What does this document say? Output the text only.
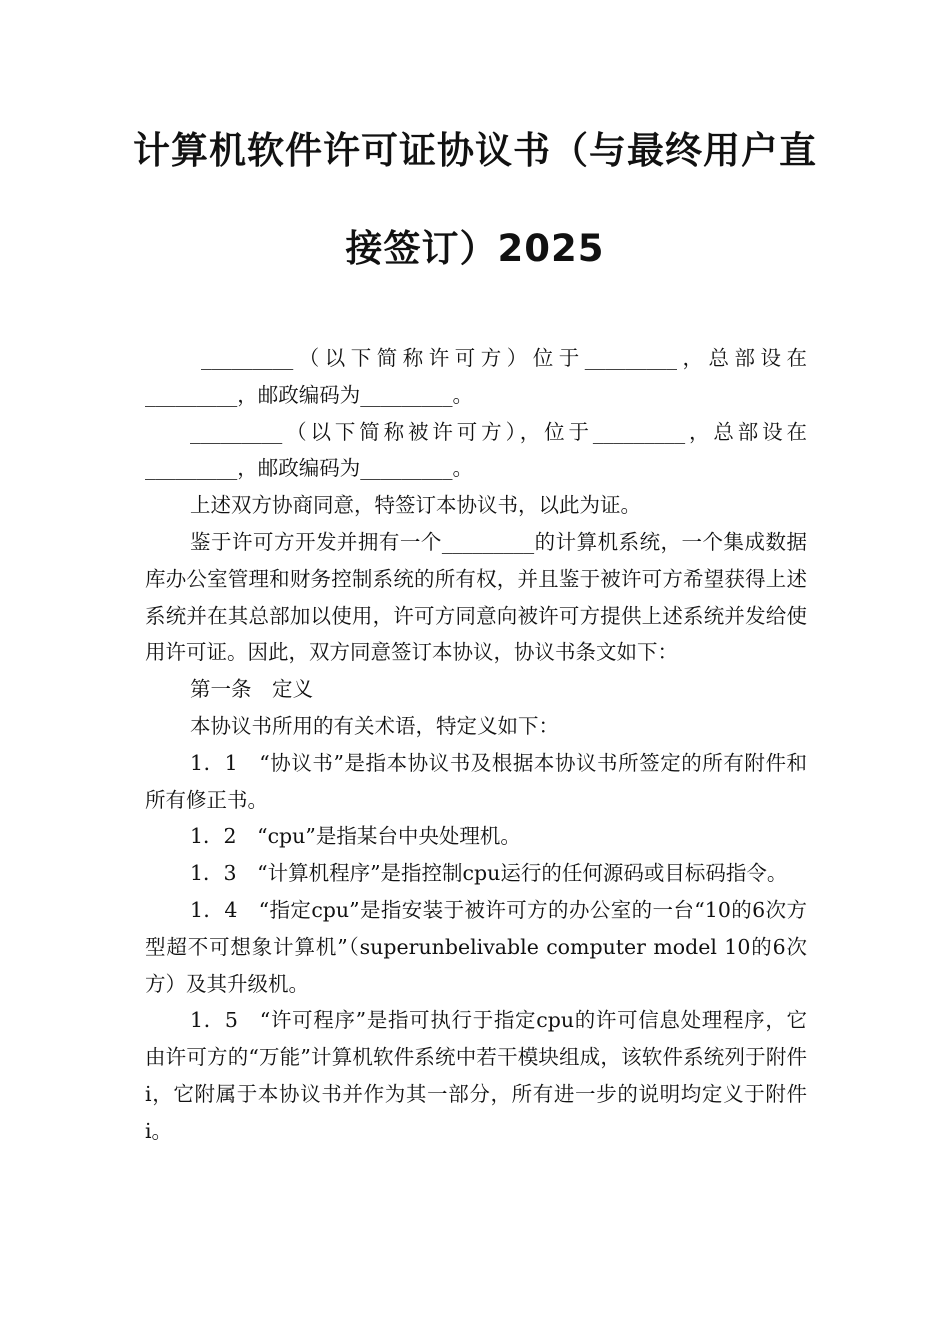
计算机软件许可证协议书（与最终用户直
接签订）2025

_________（以下简称许可方）位于_________，总部设在_________，邮政编码为_________。

_________（以下简称被许可方），位于_________，总部设在_________，邮政编码为_________。

上述双方协商同意，特签订本协议书，以此为证。

鉴于许可方开发并拥有一个_________的计算机系统，一个集成数据库办公室管理和财务控制系统的所有权，并且鉴于被许可方希望获得上述系统并在其总部加以使用，许可方同意向被许可方提供上述系统并发给使用许可证。因此，双方同意签订本协议，协议书条文如下：

第一条　定义

本协议书所用的有关术语，特定义如下：

1．1　“协议书”是指本协议书及根据本协议书所签定的所有附件和所有修正书。

1．2　“cpu”是指某台中央处理机。

1．3　“计算机程序”是指控制cpu运行的任何源码或目标码指令。

1．4　“指定cpu”是指安装于被许可方的办公室的一台“10的6次方型超不可想象计算机”（superunbelivable computer model 10的6次方）及其升级机。

1．5　“许可程序”是指可执行于指定cpu的许可信息处理程序，它由许可方的“万能”计算机软件系统中若干模块组成，该软件系统列于附件i，它附属于本协议书并作为其一部分，所有进一步的说明均定义于附件i。
